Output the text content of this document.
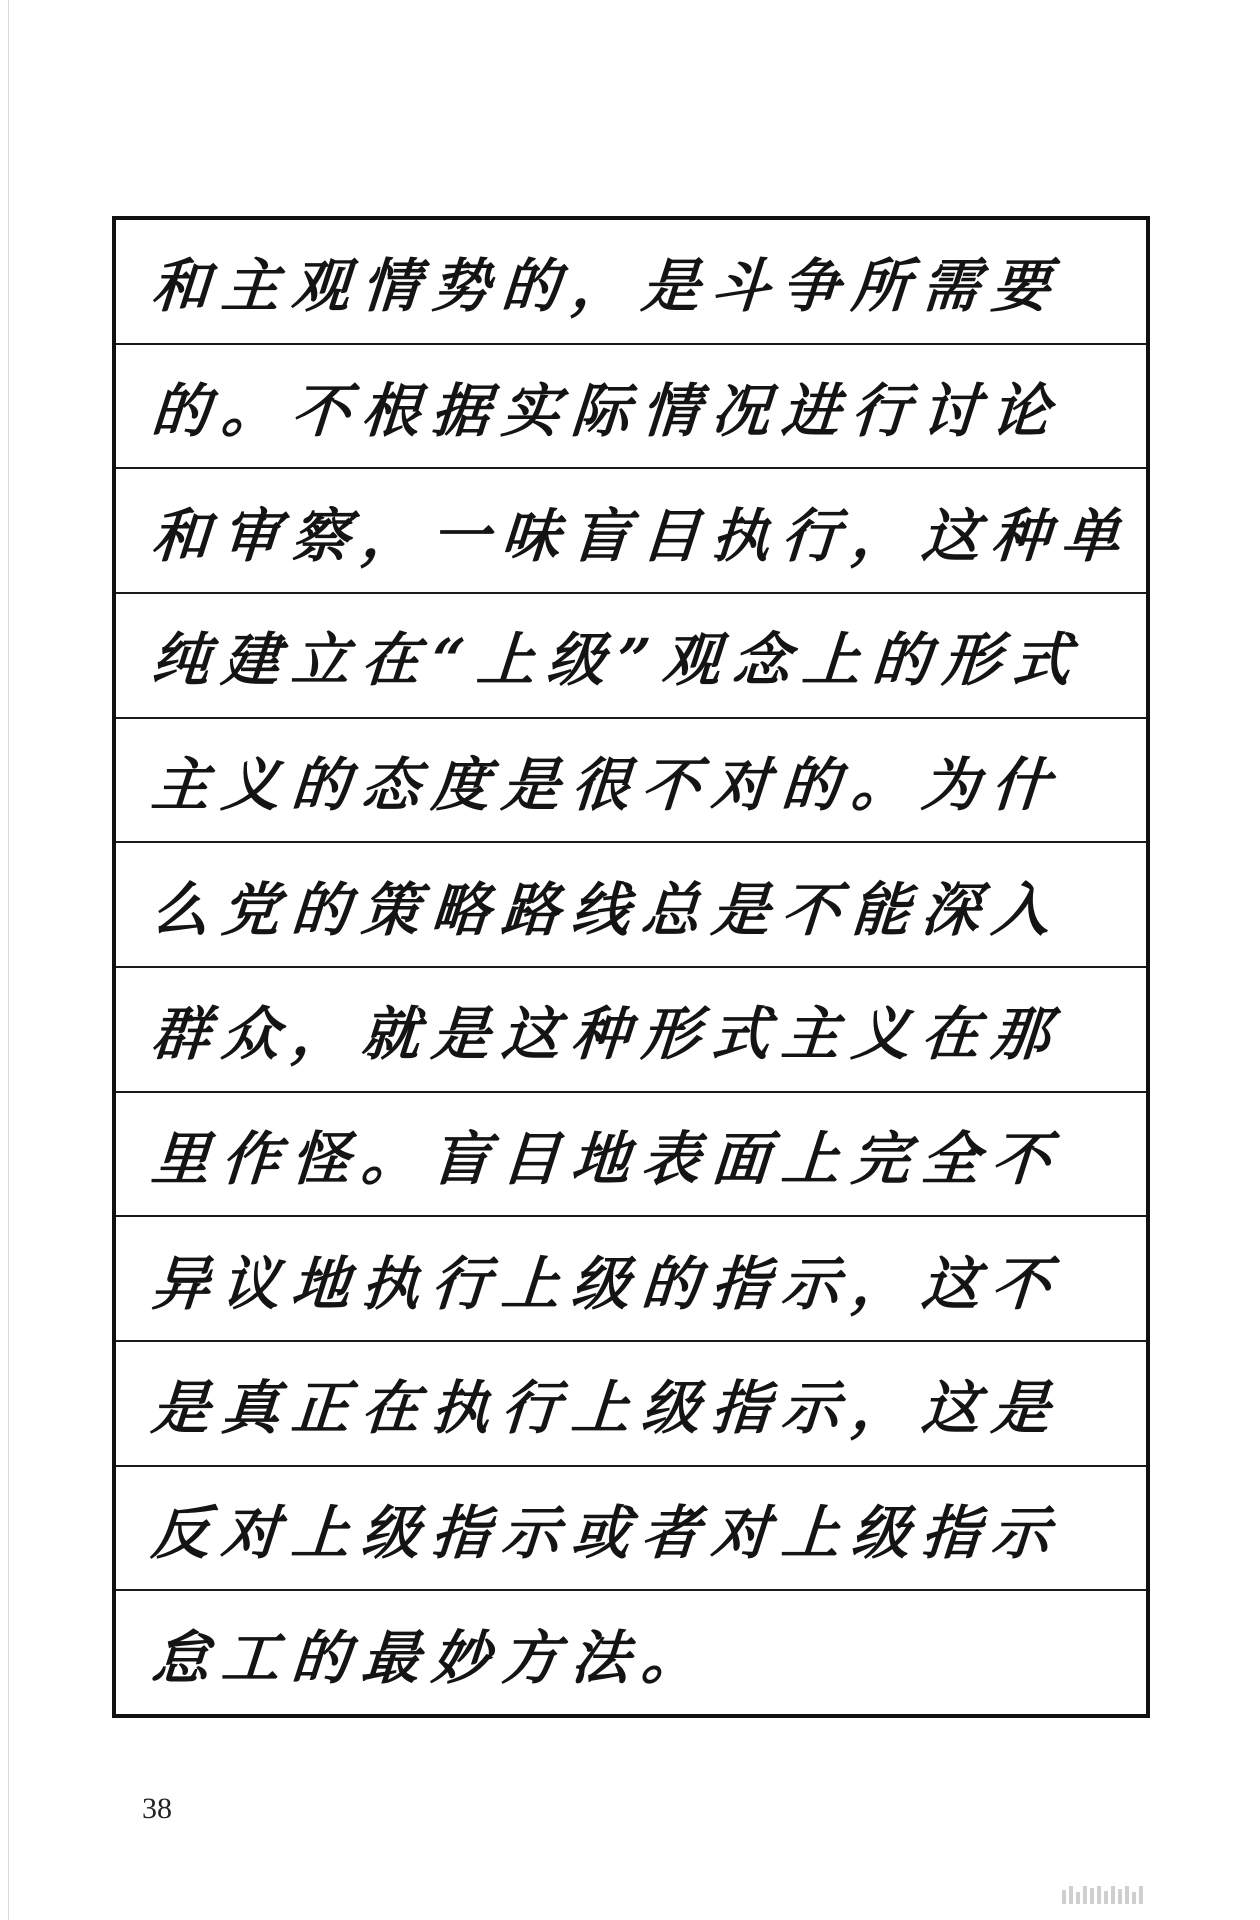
和主观情势的，是斗争所需要
的。不根据实际情况进行讨论
和审察，一味盲目执行，这种单
纯建立在“上级”观念上的形式
主义的态度是很不对的。为什
么党的策略路线总是不能深入
群众，就是这种形式主义在那
里作怪。盲目地表面上完全不
异议地执行上级的指示，这不
是真正在执行上级指示，这是
反对上级指示或者对上级指示
怠工的最妙方法。
38
